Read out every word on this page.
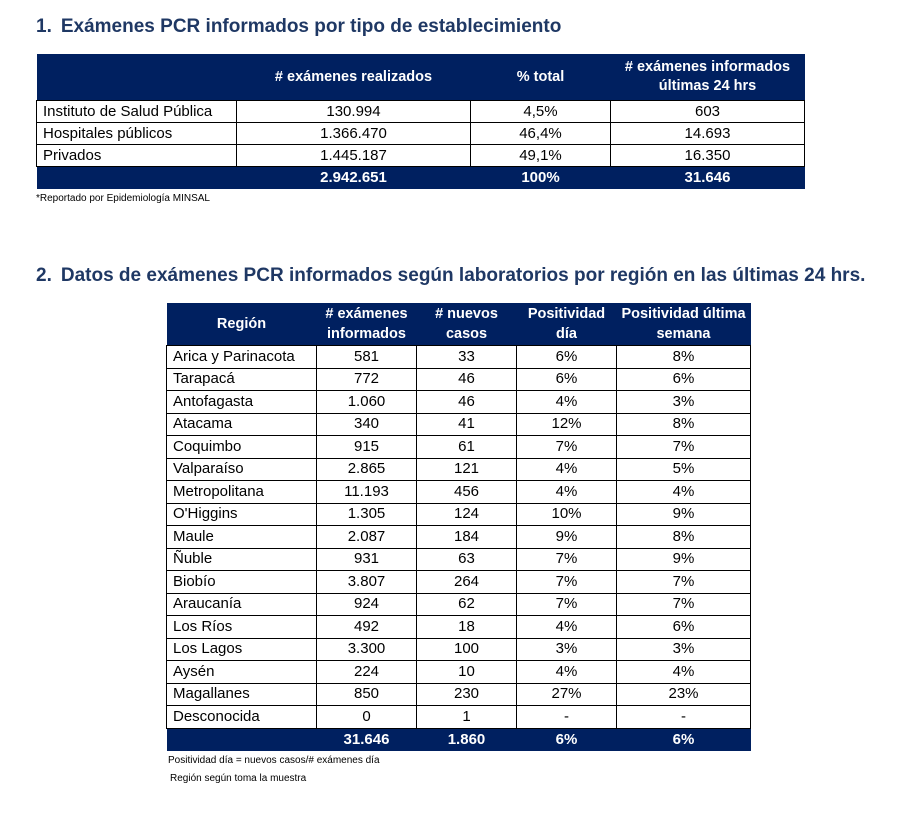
1. Exámenes PCR informados por tipo de establecimiento
	# exámenes realizados	% total	# exámenes informados últimas 24 hrs
Instituto de Salud Pública	130.994	4,5%	603
Hospitales públicos	1.366.470	46,4%	14.693
Privados	1.445.187	49,1%	16.350
	2.942.651	100%	31.646
*Reportado por Epidemiología MINSAL
2. Datos de exámenes PCR informados según laboratorios por región en las últimas 24 hrs.
Región	# exámenes informados	# nuevos casos	Positividad día	Positividad última semana
Arica y Parinacota	581	33	6%	8%
Tarapacá	772	46	6%	6%
Antofagasta	1.060	46	4%	3%
Atacama	340	41	12%	8%
Coquimbo	915	61	7%	7%
Valparaíso	2.865	121	4%	5%
Metropolitana	11.193	456	4%	4%
O'Higgins	1.305	124	10%	9%
Maule	2.087	184	9%	8%
Ñuble	931	63	7%	9%
Biobío	3.807	264	7%	7%
Araucanía	924	62	7%	7%
Los Ríos	492	18	4%	6%
Los Lagos	3.300	100	3%	3%
Aysén	224	10	4%	4%
Magallanes	850	230	27%	23%
Desconocida	0	1	-	-
	31.646	1.860	6%	6%
Positividad día = nuevos casos/# exámenes día
Región según toma la muestra
